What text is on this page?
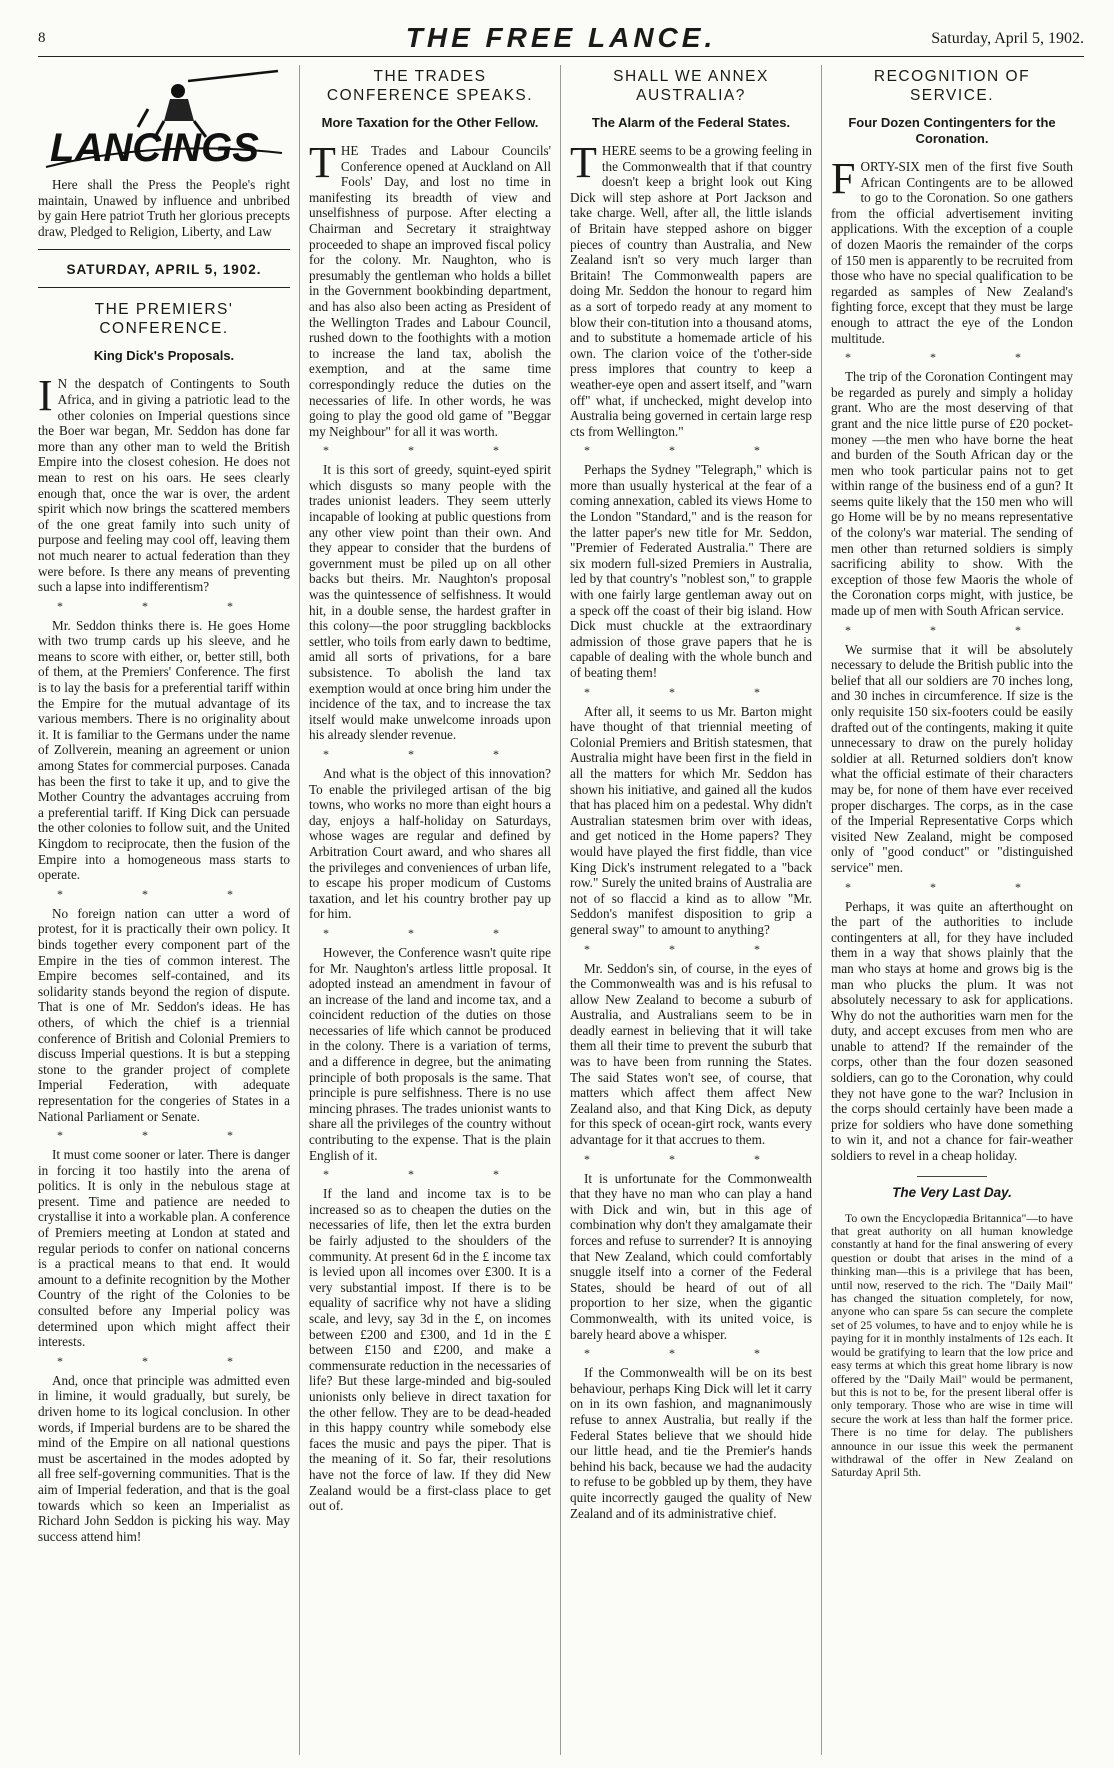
8	THE FREE LANCE.	Saturday, April 5, 1902.
LANCINGS

Here shall the Press the People's right maintain, Unawed by influence and unbribed by gain Here patriot Truth her glorious precepts draw, Pledged to Religion, Liberty, and Law

SATURDAY, APRIL 5, 1902.
THE PREMIERS' CONFERENCE.
King Dick's Proposals.

I N the despatch of Contingents to South Africa, and in giving a patriotic lead to the other colonies on Imperial questions since the Boer war began, Mr. Seddon has done far more than any other man to weld the British Empire into the closest cohesion. He does not mean to rest on his oars. He sees clearly enough that, once the war is over, the ardent spirit which now brings the scattered members of the one great family into such unity of purpose and feeling may cool off, leaving them not much nearer to actual federation than they were before. Is there any means of preventing such a lapse into indifferentism?

* * *

Mr. Seddon thinks there is. He goes Home with two trump cards up his sleeve, and he means to score with either, or, better still, both of them, at the Premiers' Conference. The first is to lay the basis for a preferential tariff within the Empire for the mutual advantage of its various members. There is no originality about it. It is familiar to the Germans under the name of Zollverein, meaning an agreement or union among States for commercial purposes. Canada has been the first to take it up, and to give the Mother Country the advantages accruing from a preferential tariff. If King Dick can persuade the other colonies to follow suit, and the United Kingdom to reciprocate, then the fusion of the Empire into a homogeneous mass starts to operate.

* * *

No foreign nation can utter a word of protest, for it is practically their own policy. It binds together every component part of the Empire in the ties of common interest. The Empire becomes self-contained, and its solidarity stands beyond the region of dispute. That is one of Mr. Seddon's ideas. He has others, of which the chief is a triennial conference of British and Colonial Premiers to discuss Imperial questions. It is but a stepping stone to the grander project of complete Imperial Federation, with adequate representation for the congeries of States in a National Parliament or Senate.

* * *

It must come sooner or later. There is danger in forcing it too hastily into the arena of politics. It is only in the nebulous stage at present. Time and patience are needed to crystallise it into a workable plan. A conference of Premiers meeting at London at stated and regular periods to confer on national concerns is a practical means to that end. It would amount to a definite recognition by the Mother Country of the right of the Colonies to be consulted before any Imperial policy was determined upon which might affect their interests.

* * *

And, once that principle was admitted even in limine, it would gradually, but surely, be driven home to its logical conclusion. In other words, if Imperial burdens are to be shared the mind of the Empire on all national questions must be ascertained in the modes adopted by all free self-governing communities. That is the aim of Imperial federation, and that is the goal towards which so keen an Imperialist as Richard John Seddon is picking his way. May success attend him!

THE TRADES CONFERENCE SPEAKS.
More Taxation for the Other Fellow.

THE Trades and Labour Councils' Conference opened at Auckland on All Fools' Day, and lost no time in manifesting its breadth of view and unselfishness of purpose. After electing a Chairman and Secretary it straightway proceeded to shape an improved fiscal policy for the colony. Mr. Naughton, who is presumably the gentleman who holds a billet in the Government bookbinding department, and has also also been acting as President of the Wellington Trades and Labour Council, rushed down to the foothights with a motion to increase the land tax, abolish the exemption, and at the same time correspondingly reduce the duties on the necessaries of life. In other words, he was going to play the good old game of "Beggar my Neighbour" for all it was worth.

* * *

It is this sort of greedy, squint-eyed spirit which disgusts so many people with the trades unionist leaders. They seem utterly incapable of looking at public questions from any other view point than their own. And they appear to consider that the burdens of government must be piled up on all other backs but theirs. Mr. Naughton's proposal was the quintessence of selfishness. It would hit, in a double sense, the hardest grafter in this colony—the poor struggling backblocks settler, who toils from early dawn to bedtime, amid all sorts of privations, for a bare subsistence. To abolish the land tax exemption would at once bring him under the incidence of the tax, and to increase the tax itself would make unwelcome inroads upon his already slender revenue.

* * *

And what is the object of this innovation? To enable the privileged artisan of the big towns, who works no more than eight hours a day, enjoys a half-holiday on Saturdays, whose wages are regular and defined by Arbitration Court award, and who shares all the privileges and conveniences of urban life, to escape his proper modicum of Customs taxation, and let his country brother pay up for him.

* * *

However, the Conference wasn't quite ripe for Mr. Naughton's artless little proposal. It adopted instead an amendment in favour of an increase of the land and income tax, and a coincident reduction of the duties on those necessaries of life which cannot be produced in the colony. There is a variation of terms, and a difference in degree, but the animating principle of both proposals is the same. That principle is pure selfishness. There is no use mincing phrases. The trades unionist wants to share all the privileges of the country without contributing to the expense. That is the plain English of it.

* * *

If the land and income tax is to be increased so as to cheapen the duties on the necessaries of life, then let the extra burden be fairly adjusted to the shoulders of the community. At present 6d in the £ income tax is levied upon all incomes over £300. It is a very substantial impost. If there is to be equality of sacrifice why not have a sliding scale, and levy, say 3d in the £, on incomes between £200 and £300, and 1d in the £ between £150 and £200, and make a commensurate reduction in the necessaries of life? But these large-minded and big-souled unionists only believe in direct taxation for the other fellow. They are to be dead-headed in this happy country while somebody else faces the music and pays the piper. That is the meaning of it. So far, their resolutions have not the force of law. If they did New Zealand would be a first-class place to get out of.

SHALL WE ANNEX AUSTRALIA?
The Alarm of the Federal States.

THERE seems to be a growing feeling in the Commonwealth that if that country doesn't keep a bright look out King Dick will step ashore at Port Jackson and take charge. Well, after all, the little islands of Britain have stepped ashore on bigger pieces of country than Australia, and New Zealand isn't so very much larger than Britain! The Commonwealth papers are doing Mr. Seddon the honour to regard him as a sort of torpedo ready at any moment to blow their con-titution into a thousand atoms, and to substitute a homemade article of his own. The clarion voice of the t'other-side press implores that country to keep a weather-eye open and assert itself, and "warn off" what, if unchecked, might develop into Australia being governed in certain large resp cts from Wellington."

* * *

Perhaps the Sydney "Telegraph," which is more than usually hysterical at the fear of a coming annexation, cabled its views Home to the London "Standard," and is the reason for the latter paper's new title for Mr. Seddon, "Premier of Federated Australia." There are six modern full-sized Premiers in Australia, led by that country's "noblest son," to grapple with one fairly large gentleman away out on a speck off the coast of their big island. How Dick must chuckle at the extraordinary admission of those grave papers that he is capable of dealing with the whole bunch and of beating them!

* * *

After all, it seems to us Mr. Barton might have thought of that triennial meeting of Colonial Premiers and British statesmen, that Australia might have been first in the field in all the matters for which Mr. Seddon has shown his initiative, and gained all the kudos that has placed him on a pedestal. Why didn't Australian statesmen brim over with ideas, and get noticed in the Home papers? They would have played the first fiddle, than vice King Dick's instrument relegated to a "back row." Surely the united brains of Australia are not of so flaccid a kind as to allow "Mr. Seddon's manifest disposition to grip a general sway" to amount to anything?

* * *

Mr. Seddon's sin, of course, in the eyes of the Commonwealth was and is his refusal to allow New Zealand to become a suburb of Australia, and Australians seem to be in deadly earnest in believing that it will take them all their time to prevent the suburb that was to have been from running the States. The said States won't see, of course, that matters which affect them affect New Zealand also, and that King Dick, as deputy for this speck of ocean-girt rock, wants every advantage for it that accrues to them.

* * *

It is unfortunate for the Commonwealth that they have no man who can play a hand with Dick and win, but in this age of combination why don't they amalgamate their forces and refuse to surrender? It is annoying that New Zealand, which could comfortably snuggle itself into a corner of the Federal States, should be heard of out of all proportion to her size, when the gigantic Commonwealth, with its united voice, is barely heard above a whisper.

* * *

If the Commonwealth will be on its best behaviour, perhaps King Dick will let it carry on in its own fashion, and magnanimously refuse to annex Australia, but really if the Federal States believe that we should hide our little head, and tie the Premier's hands behind his back, because we had the audacity to refuse to be gobbled up by them, they have quite incorrectly gauged the quality of New Zealand and of its administrative chief.

RECOGNITION OF SERVICE.
Four Dozen Contingenters for the Coronation.

FORTY-SIX men of the first five South African Contingents are to be allowed to go to the Coronation. So one gathers from the official advertisement inviting applications. With the exception of a couple of dozen Maoris the remainder of the corps of 150 men is apparently to be recruited from those who have no special qualification to be regarded as samples of New Zealand's fighting force, except that they must be large enough to attract the eye of the London multitude.

* * *

The trip of the Coronation Contingent may be regarded as purely and simply a holiday grant. Who are the most deserving of that grant and the nice little purse of £20 pocket-money —the men who have borne the heat and burden of the South African day or the men who took particular pains not to get within range of the business end of a gun? It seems quite likely that the 150 men who will go Home will be by no means representative of the colony's war material. The sending of men other than returned soldiers is simply sacrificing ability to show. With the exception of those few Maoris the whole of the Coronation corps might, with justice, be made up of men with South African service.

* * *

We surmise that it will be absolutely necessary to delude the British public into the belief that all our soldiers are 70 inches long, and 30 inches in circumference. If size is the only requisite 150 six-footers could be easily drafted out of the contingents, making it quite unnecessary to draw on the purely holiday soldier at all. Returned soldiers don't know what the official estimate of their characters may be, for none of them have ever received proper discharges. The corps, as in the case of the Imperial Representative Corps which visited New Zealand, might be composed only of "good conduct" or "distinguished service" men.

* * *

Perhaps, it was quite an afterthought on the part of the authorities to include contingenters at all, for they have included them in a way that shows plainly that the man who stays at home and grows big is the man who plucks the plum. It was not absolutely necessary to ask for applications. Why do not the authorities warn men for the duty, and accept excuses from men who are unable to attend? If the remainder of the corps, other than the four dozen seasoned soldiers, can go to the Coronation, why could they not have gone to the war? Inclusion in the corps should certainly have been made a prize for soldiers who have done something to win it, and not a chance for fair-weather soldiers to revel in a cheap holiday.

The Very Last Day.

To own the Encyclopædia Britannica"—to have that great authority on all human knowledge constantly at hand for the final answering of every question or doubt that arises in the mind of a thinking man—this is a privilege that has been, until now, reserved to the rich. The "Daily Mail" has changed the situation completely, for now, anyone who can spare 5s can secure the complete set of 25 volumes, to have and to enjoy while he is paying for it in monthly instalments of 12s each. It would be gratifying to learn that the low price and easy terms at which this great home library is now offered by the "Daily Mail" would be permanent, but this is not to be, for the present liberal offer is only temporary. Those who are wise in time will secure the work at less than half the former price. There is no time for delay. The publishers announce in our issue this week the permanent withdrawal of the offer in New Zealand on Saturday April 5th.
